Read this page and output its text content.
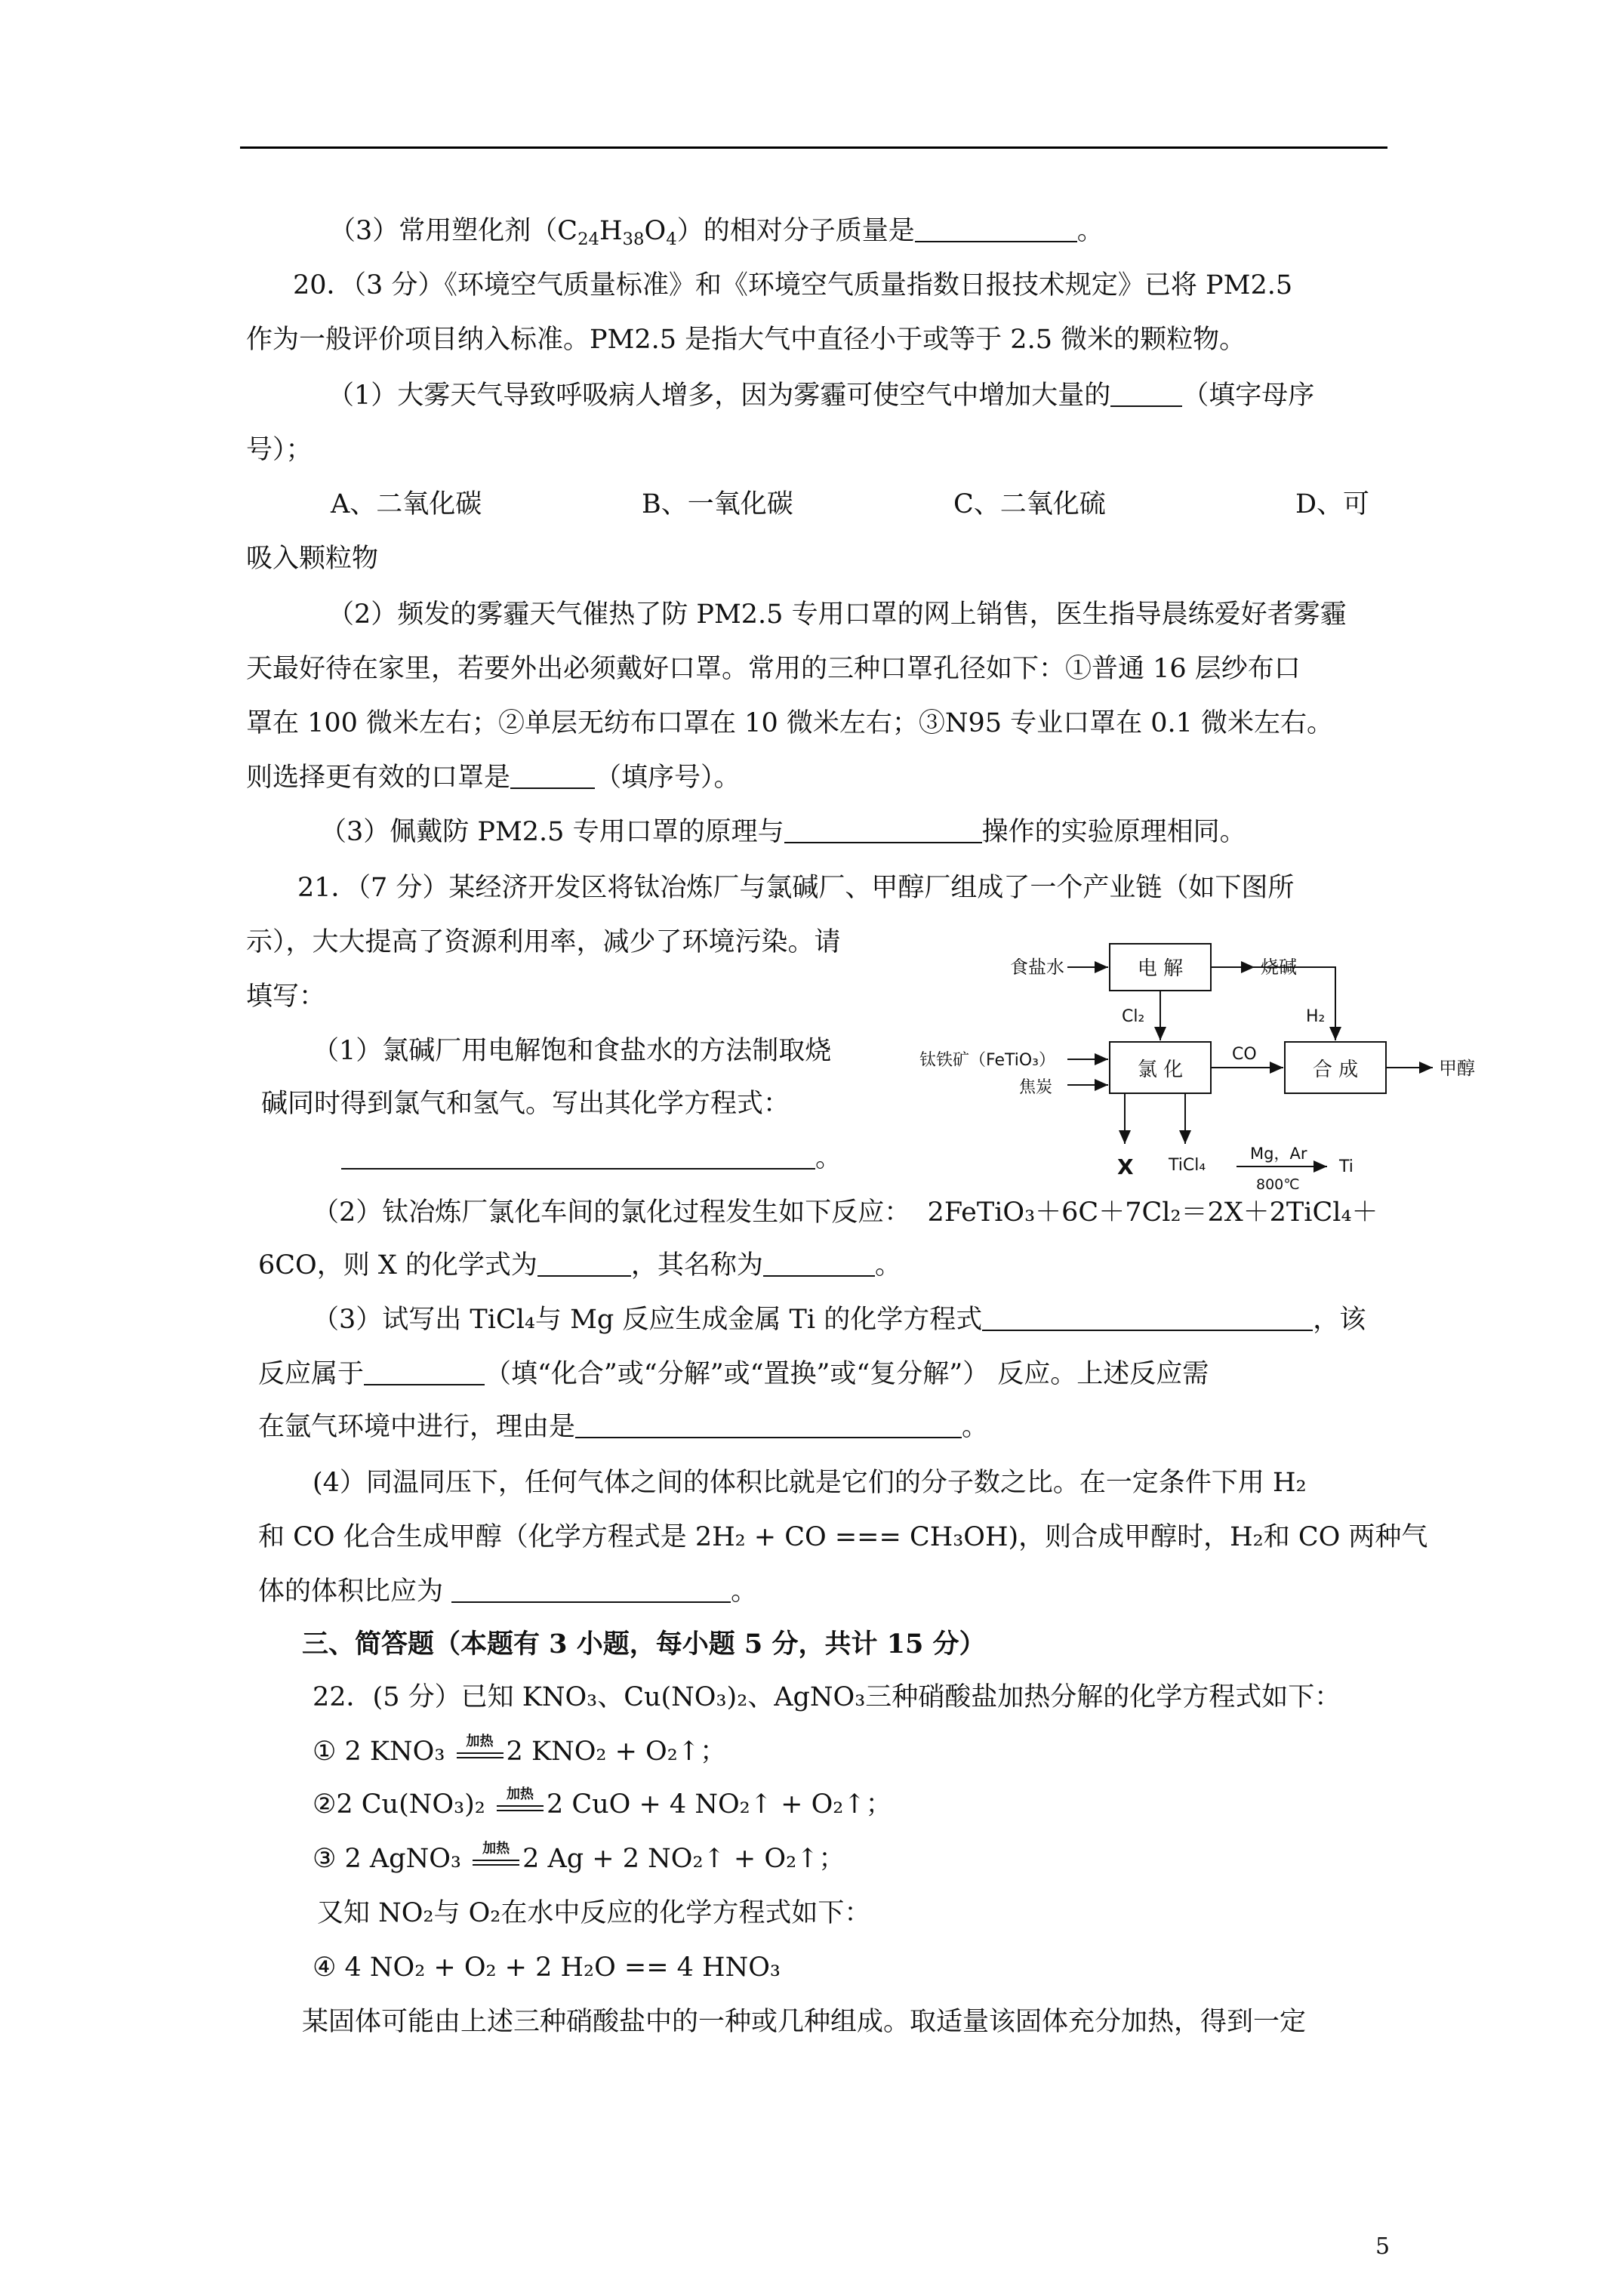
（3）常用塑化剂$(C_{24}H_{38}O_4)$的相对分子质量是	。
20．（3 分）《环境空气质量标准》和《环境空气质量指数日报技术规定》已将 PM2.5
作为一般评价项目纳入标准。PM2.5 是指大气中直径小于或等于 2.5 微米的颗粒物。
（1）大雾天气导致呼吸病人增多，因为雾霾可使空气中增加大量的	（填字母序
号）；
A、二氧化碳	B、一氧化碳	C、二氧化硫	D、可
吸入颗粒物
（2）频发的雾霾天气催热了防 PM2.5 专用口罩的网上销售，医生指导晨练爱好者雾霾
天最好待在家里，若要外出必须戴好口罩。常用的三种口罩孔径如下：①普通 16 层纱布口
罩在 100 微米左右；②单层无纺布口罩在 10 微米左右；③N95 专业口罩在 0.1 微米左右。
则选择更有效的口罩是	（填序号）。
（3）佩戴防 PM2.5 专用口罩的原理与	操作的实验原理相同。
21．（7 分）某经济开发区将钛冶炼厂与氯碱厂、甲醇厂组成了一个产业链（如下图所
示），大大提高了资源利用率，减少了环境污染。请
填写：
（1）氯碱厂用电解饱和食盐水的方法制取烧
碱同时得到氯气和氢气。写出其化学方程式：
。
电 解
氯 化	合 成
食盐水	烧碱
Cl₂	H₂
钛铁矿（FeTiO₃）
焦炭
CO
甲醇
X TiCl₄
Mg，Ar
800℃
Ti
（2）钛冶炼厂氯化车间的氯化过程发生如下反应： 2FeTiO₃＋6C＋7Cl₂＝2X＋2TiCl₄＋
6CO，则 X 的化学式为	，其名称为	。
（3）试写出 TiCl₄与 Mg 反应生成金属 Ti 的化学方程式	，该
反应属于	（填“化合”或“分解”或“置换”或“复分解”） 反应。上述反应需
在氩气环境中进行，理由是	。
(4）同温同压下，任何气体之间的体积比就是它们的分子数之比。在一定条件下用 H₂
和 CO 化合生成甲醇（化学方程式是 2H₂ + CO === CH₃OH)，则合成甲醇时，H₂和 CO 两种气
体的体积比应为	。
三、简答题（本题有 3 小题，每小题 5 分，共计 15 分）
22．(5 分）已知 KNO₃、Cu(NO₃)₂、AgNO₃三种硝酸盐加热分解的化学方程式如下：
① 2 KNO₃	加热 2 KNO₂ + O₂↑；
②2 Cu(NO₃)₂	加热 2 CuO + 4 NO₂↑ + O₂↑；
③ 2 AgNO₃	加热 2 Ag + 2 NO₂↑ + O₂↑；
又知 NO₂与 O₂在水中反应的化学方程式如下：
④ 4 NO₂ + O₂ + 2 H₂O == 4 HNO₃
某固体可能由上述三种硝酸盐中的一种或几种组成。取适量该固体充分加热，得到一定
5
